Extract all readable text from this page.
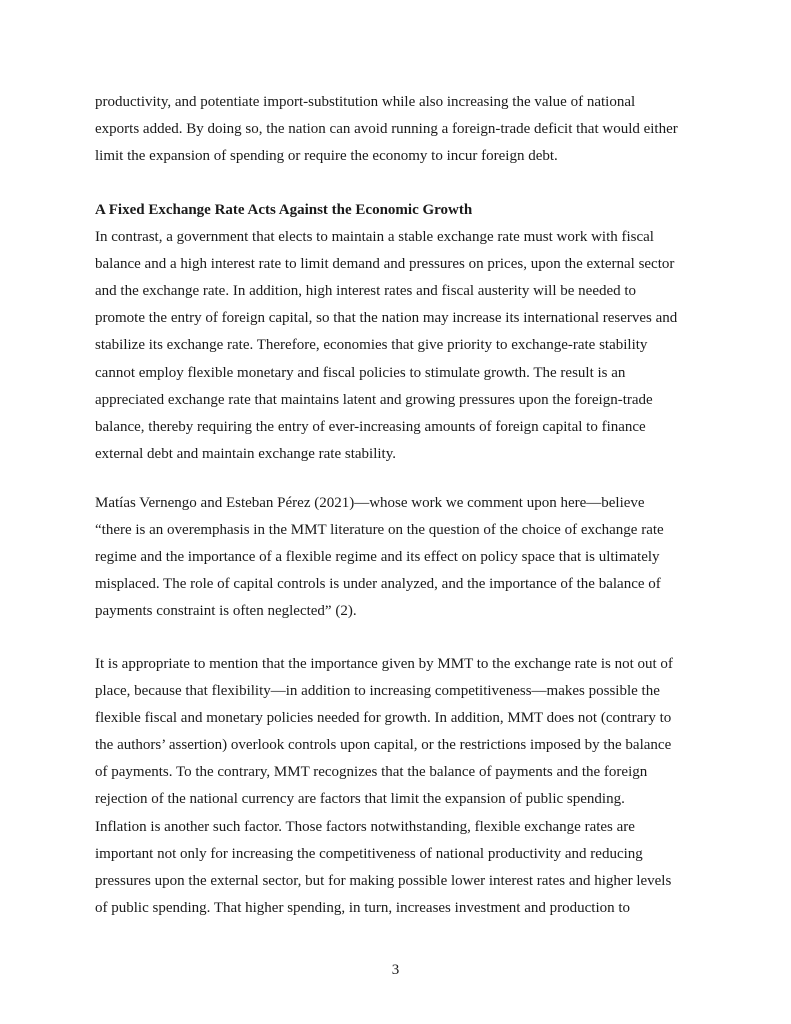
productivity, and potentiate import-substitution while also increasing the value of national
exports added. By doing so, the nation can avoid running a foreign-trade deficit that would either
limit the expansion of spending or require the economy to incur foreign debt.
A Fixed Exchange Rate Acts Against the Economic Growth
In contrast, a government that elects to maintain a stable exchange rate must work with fiscal
balance and a high interest rate to limit demand and pressures on prices, upon the external sector
and the exchange rate. In addition, high interest rates and fiscal austerity will be needed to
promote the entry of foreign capital, so that the nation may increase its international reserves and
stabilize its exchange rate. Therefore, economies that give priority to exchange-rate stability
cannot employ flexible monetary and fiscal policies to stimulate growth. The result is an
appreciated exchange rate that maintains latent and growing pressures upon the foreign-trade
balance, thereby requiring the entry of ever-increasing amounts of foreign capital to finance
external debt and maintain exchange rate stability.
Matías Vernengo and Esteban Pérez (2021)—whose work we comment upon here—believe
“there is an overemphasis in the MMT literature on the question of the choice of exchange rate
regime and the importance of a flexible regime and its effect on policy space that is ultimately
misplaced. The role of capital controls is under analyzed, and the importance of the balance of
payments constraint is often neglected” (2).
It is appropriate to mention that the importance given by MMT to the exchange rate is not out of
place, because that flexibility—in addition to increasing competitiveness—makes possible the
flexible fiscal and monetary policies needed for growth. In addition, MMT does not (contrary to
the authors’ assertion) overlook controls upon capital, or the restrictions imposed by the balance
of payments. To the contrary, MMT recognizes that the balance of payments and the foreign
rejection of the national currency are factors that limit the expansion of public spending.
Inflation is another such factor. Those factors notwithstanding, flexible exchange rates are
important not only for increasing the competitiveness of national productivity and reducing
pressures upon the external sector, but for making possible lower interest rates and higher levels
of public spending. That higher spending, in turn, increases investment and production to
3
